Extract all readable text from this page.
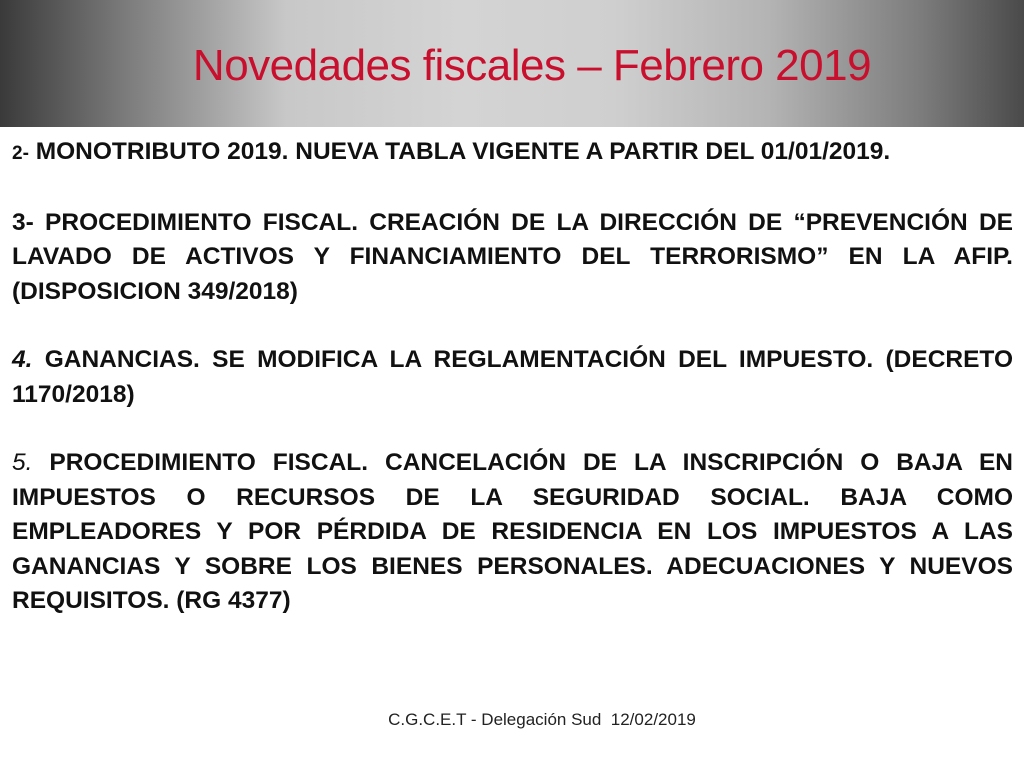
Novedades fiscales – Febrero 2019

2- MONOTRIBUTO 2019. NUEVA TABLA VIGENTE A PARTIR DEL 01/01/2019.

3- PROCEDIMIENTO FISCAL. CREACIÓN DE LA DIRECCIÓN DE “PREVENCIÓN DE LAVADO DE ACTIVOS Y FINANCIAMIENTO DEL TERRORISMO” EN LA AFIP. (DISPOSICION 349/2018)

4. GANANCIAS. SE MODIFICA LA REGLAMENTACIÓN DEL IMPUESTO. (DECRETO 1170/2018)

5. PROCEDIMIENTO FISCAL. CANCELACIÓN DE LA INSCRIPCIÓN O BAJA EN IMPUESTOS O RECURSOS DE LA SEGURIDAD SOCIAL. BAJA COMO EMPLEADORES Y POR PÉRDIDA DE RESIDENCIA EN LOS IMPUESTOS A LAS GANANCIAS Y SOBRE LOS BIENES PERSONALES. ADECUACIONES Y NUEVOS REQUISITOS. (RG 4377)

C.G.C.E.T - Delegación Sud  12/02/2019
